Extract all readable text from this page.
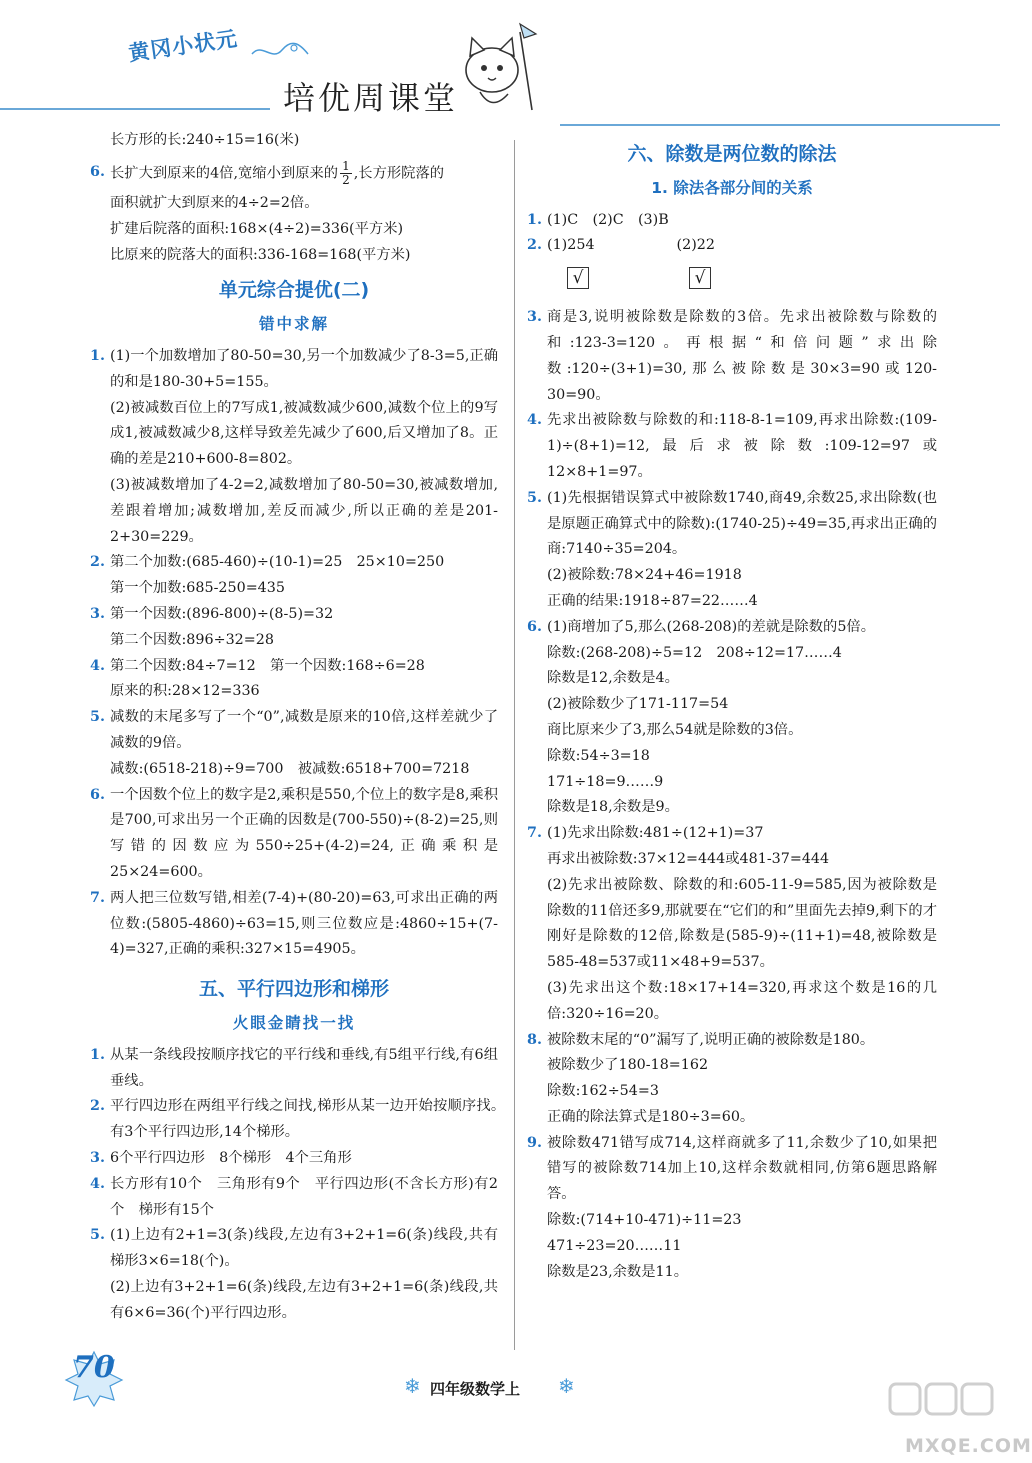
黄冈小状元
培优周课堂

长方形的长:240÷15=16(米)

6. 长扩大到原来的4倍,宽缩小到原来的 $\frac{1}{2}$ ,长方形院落的

面积就扩大到原来的4÷2=2倍。

扩建后院落的面积:168×(4÷2)=336(平方米)

比原来的院落大的面积:336-168=168(平方米)

单元综合提优(二)
错中求解

1. (1)一个加数增加了80-50=30,另一个加数减少了8-3=5,正确的和是180-30+5=155。

(2)被减数百位上的7写成1,被减数减少600,减数个位上的9写成1,被减数减少8,这样导致差先减少了600,后又增加了8。正确的差是210+600-8=802。

(3)被减数增加了4-2=2,减数增加了80-50=30,被减数增加,差跟着增加;减数增加,差反而减少,所以正确的差是201-2+30=229。

2. 第二个加数:(685-460)÷(10-1)=25　25×10=250

第一个加数:685-250=435

3. 第一个因数:(896-800)÷(8-5)=32

第二个因数:896÷32=28

4. 第二个因数:84÷7=12　第一个因数:168÷6=28

原来的积:28×12=336

5. 减数的末尾多写了一个“0”,减数是原来的10倍,这样差就少了减数的9倍。

减数:(6518-218)÷9=700　被减数:6518+700=7218

6. 一个因数个位上的数字是2,乘积是550,个位上的数字是8,乘积是700,可求出另一个正确的因数是(700-550)÷(8-2)=25,则写错的因数应为550÷25+(4-2)=24,正确乘积是25×24=600。

7. 两人把三位数写错,相差(7-4)+(80-20)=63,可求出正确的两位数:(5805-4860)÷63=15,则三位数应是:4860÷15+(7-4)=327,正确的乘积:327×15=4905。

五、平行四边形和梯形
火眼金睛找一找

1. 从某一条线段按顺序找它的平行线和垂线,有5组平行线,有6组垂线。

2. 平行四边形在两组平行线之间找,梯形从某一边开始按顺序找。　有3个平行四边形,14个梯形。

3. 6个平行四边形　8个梯形　4个三角形

4. 长方形有10个　三角形有9个　平行四边形(不含长方形)有2个　梯形有15个

5. (1)上边有2+1=3(条)线段,左边有3+2+1=6(条)线段,共有梯形3×6=18(个)。

(2)上边有3+2+1=6(条)线段,左边有3+2+1=6(条)线段,共有6×6=36(个)平行四边形。

六、除数是两位数的除法
1. 除法各部分间的关系

1. (1)C　(2)C　(3)B

2. (1)254	(2)22

√	√

3. 商是3,说明被除数是除数的3倍。先求出被除数与除数的和:123-3=120。再根据“和倍问题”求出除数:120÷(3+1)=30,那么被除数是30×3=90或120-30=90。

4. 先求出被除数与除数的和:118-8-1=109,再求出除数:(109-1)÷(8+1)=12,最后求被除数:109-12=97或12×8+1=97。

5. (1)先根据错误算式中被除数1740,商49,余数25,求出除数(也是原题正确算式中的除数):(1740-25)÷49=35,再求出正确的商:7140÷35=204。

(2)被除数:78×24+46=1918

正确的结果:1918÷87=22……4

6. (1)商增加了5,那么(268-208)的差就是除数的5倍。

除数:(268-208)÷5=12　208÷12=17……4

除数是12,余数是4。

(2)被除数少了171-117=54

商比原来少了3,那么54就是除数的3倍。

除数:54÷3=18

171÷18=9……9

除数是18,余数是9。

7. (1)先求出除数:481÷(12+1)=37

再求出被除数:37×12=444或481-37=444

(2)先求出被除数、除数的和:605-11-9=585,因为被除数是除数的11倍还多9,那就要在“它们的和”里面先去掉9,剩下的才刚好是除数的12倍,除数是(585-9)÷(11+1)=48,被除数是585-48=537或11×48+9=537。

(3)先求出这个数:18×17+14=320,再求这个数是16的几倍:320÷16=20。

8. 被除数末尾的“0”漏写了,说明正确的被除数是180。

被除数少了180-18=162

除数:162÷54=3

正确的除法算式是180÷3=60。

9. 被除数471错写成714,这样商就多了11,余数少了10,如果把错写的被除数714加上10,这样余数就相同,仿第6题思路解答。

除数:(714+10-471)÷11=23

471÷23=20……11

除数是23,余数是11。

70
❄ 四年级数学上 ❄
MXQE.COM
